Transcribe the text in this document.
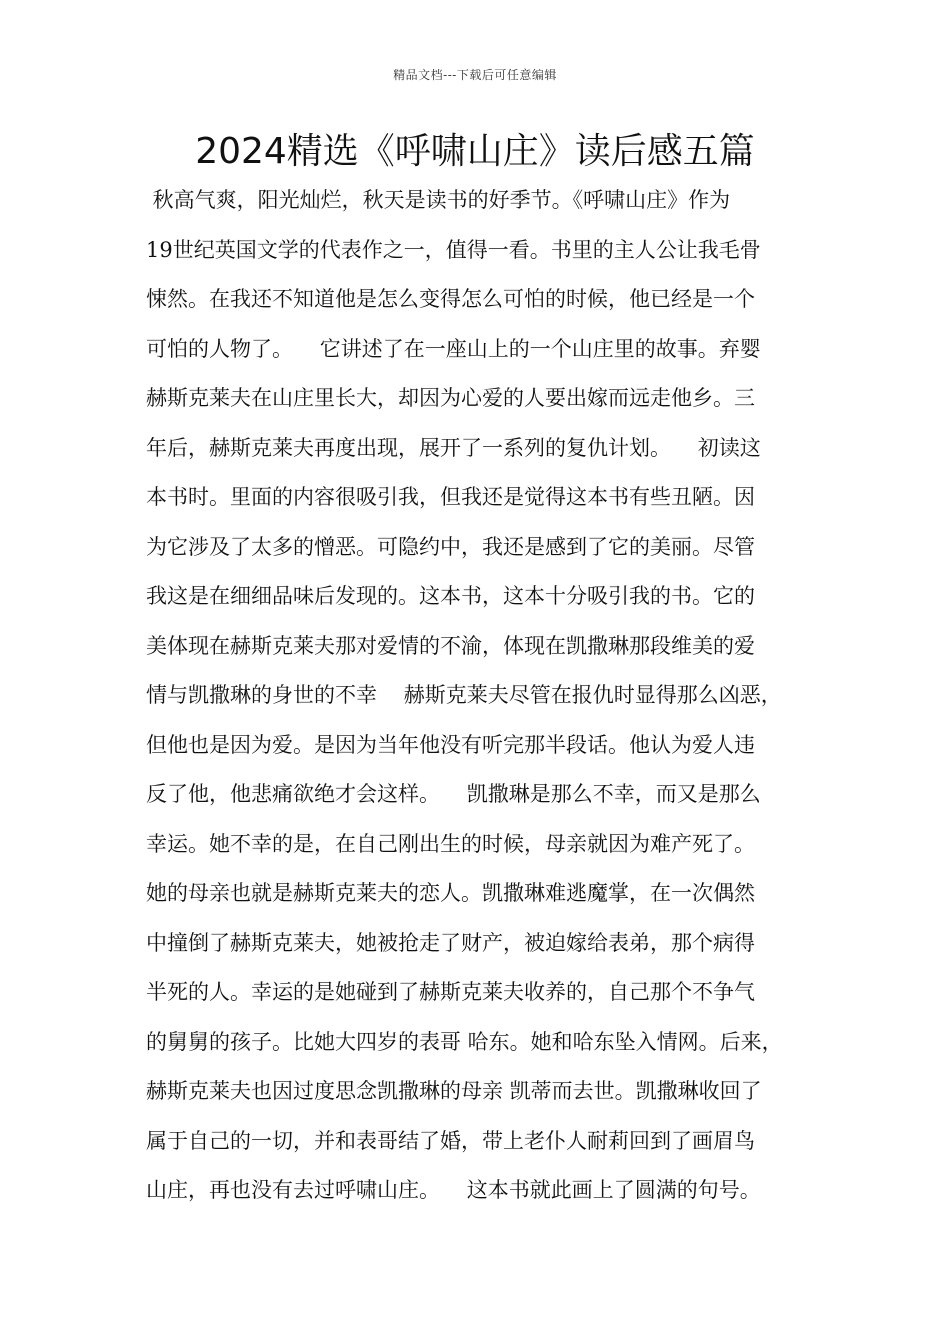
精品文档---下载后可任意编辑
2024精选《呼啸山庄》读后感五篇
秋高气爽，阳光灿烂，秋天是读书的好季节。《呼啸山庄》作为
19世纪英国文学的代表作之一，值得一看。书里的主人公让我毛骨
悚然。在我还不知道他是怎么变得怎么可怕的时候，他已经是一个
可怕的人物了。    它讲述了在一座山上的一个山庄里的故事。弃婴
赫斯克莱夫在山庄里长大，却因为心爱的人要出嫁而远走他乡。三
年后，赫斯克莱夫再度出现，展开了一系列的复仇计划。    初读这
本书时。里面的内容很吸引我，但我还是觉得这本书有些丑陋。因
为它涉及了太多的憎恶。可隐约中，我还是感到了它的美丽。尽管
我这是在细细品味后发现的。这本书，这本十分吸引我的书。它的
美体现在赫斯克莱夫那对爱情的不渝，体现在凯撒琳那段维美的爱
情与凯撒琳的身世的不幸    赫斯克莱夫尽管在报仇时显得那么凶恶，
但他也是因为爱。是因为当年他没有听完那半段话。他认为爱人违
反了他，他悲痛欲绝才会这样。    凯撒琳是那么不幸，而又是那么
幸运。她不幸的是，在自己刚出生的时候，母亲就因为难产死了。
她的母亲也就是赫斯克莱夫的恋人。凯撒琳难逃魔掌，在一次偶然
中撞倒了赫斯克莱夫，她被抢走了财产，被迫嫁给表弟，那个病得
半死的人。幸运的是她碰到了赫斯克莱夫收养的，自己那个不争气
的舅舅的孩子。比她大四岁的表哥 哈东。她和哈东坠入情网。后来，
赫斯克莱夫也因过度思念凯撒琳的母亲 凯蒂而去世。凯撒琳收回了
属于自己的一切，并和表哥结了婚，带上老仆人耐莉回到了画眉鸟
山庄，再也没有去过呼啸山庄。    这本书就此画上了圆满的句号。
